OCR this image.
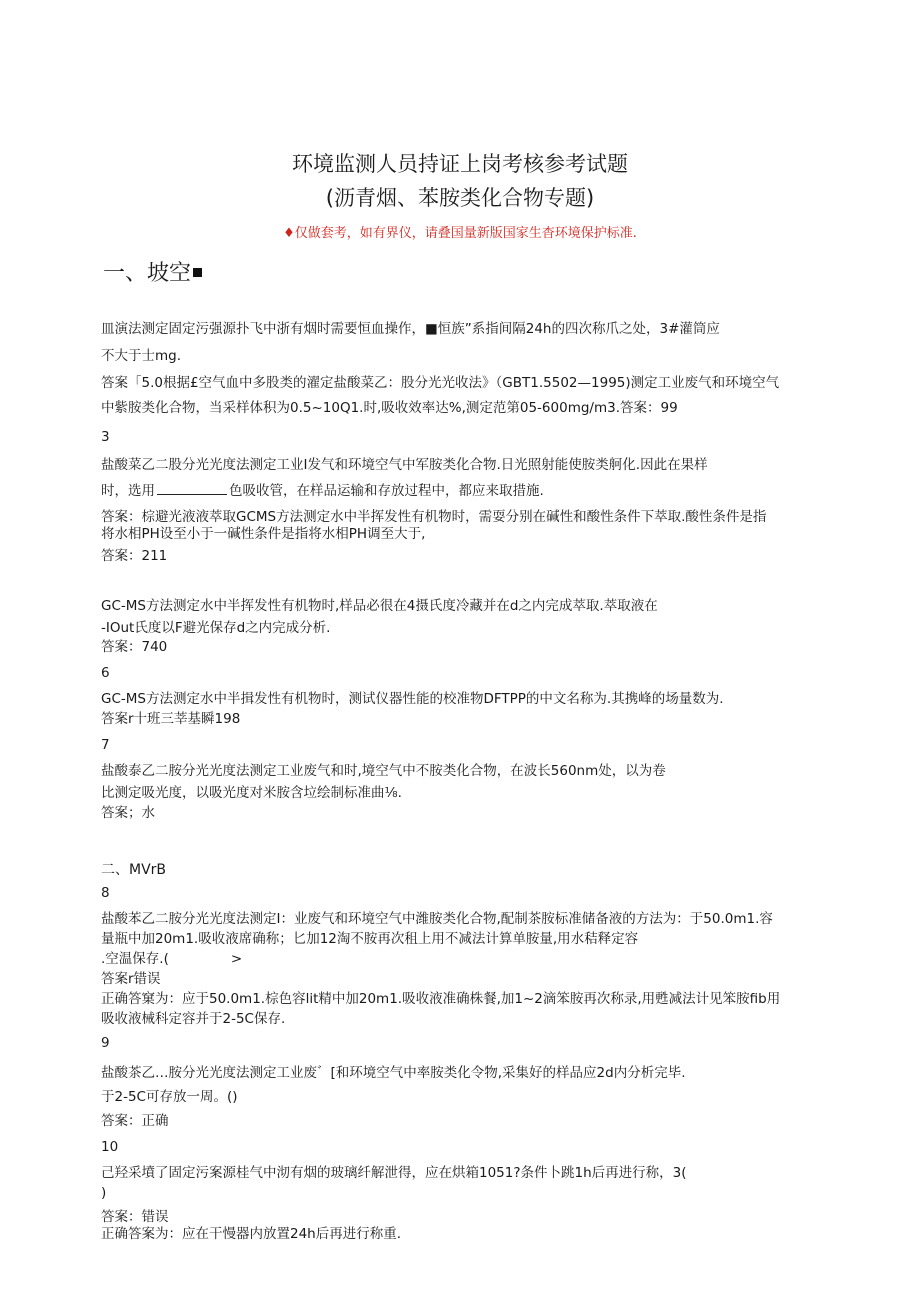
环境监测人员持证上岗考核参考试题
(沥青烟、苯胺类化合物专题)
♦仅做套考，如有界仪，请叠国量新版国家生杳环境保护标准.
一、坡空
皿演法测定固定污强源扑飞中浙有烟时需要恒血操作，■恒族”系指间隔24h的四次称爪之处，3#灌筒应
不大于士mg.
答案「5.0根据£空气血中多股类的濯定盐酸菜乙：股分光光收法》（GBT1.5502—1995)测定工业废气和环境空气
中紫胺类化合物，当采样体积为0.5~10Q1.时,吸收效率达%,测定范第05-600mg∕m3.答案：99
3
盐酸菜乙二股分光光度法测定工业I发气和环境空气中军胺类化合物.日光照射能使胺类舸化.因此在果样
时，选用	色吸收管，在样品运输和存放过程中，都应来取措施.
答案：棕避光液液萃取GCMS方法测定水中半挥发性有机物时，需耍分别在碱性和酸性条件下萃取.酸性条件是指
将水相PH设至小于一碱性条件是指将水相PH调至大于,
答案：211
GC-MS方法测定水中半挥发性有机物时,样品必很在4摄氏度冷藏并在d之内完成萃取.萃取液在
-IOut氏度以F避光保存d之内完成分析.
答案：740
6
GC-MS方法测定水中半揖发性有机物时，测试仪器性能的校准物DFTPP的中文名称为.其携峰的场量数为.
答案r十班三莘基瞬198
7
盐酸泰乙二胺分光光度法测定工业废气和时,境空气中不胺类化合物，在波长560nm处，以为卷
比测定吸光度，以吸光度对米胺含垃绘制标准曲⅛.
答案；水
二、MVrB
8
盐酸苯乙二胺分光光度法测定I：业废气和环境空气中潍胺类化合物,配制茶胺标准储备液的方法为：于50.0m1.容
量瓶中加20m1.吸收液席确称；匕加12淘不胺再次租上用不减法计算单胺量,用水秸释定容
.空温保存.(	>
答案r错误
正确答窠为：应于50.0m1.棕色容lit精中加20m1.吸收液准确株餐,加1~2滴笨胺再次称录,用甦减法计见笨胺fib用
吸收液械科定容并于2-5C保存.
9
盐酸茶乙…胺分光光度法测定工业废゛[和环境空气中率胺类化令物,采集好的样品应2d内分析完毕.
于2-5C可存放一周。()
答案：正确
10
己羟采墳了固定污案源桂气中沏有烟的玻璃纤解泄得，应在烘箱1051?条件卜跳1h后再进行称，3(
)
答案：错误
正确答案为：应在干慢器内放置24h后再进行称重.
